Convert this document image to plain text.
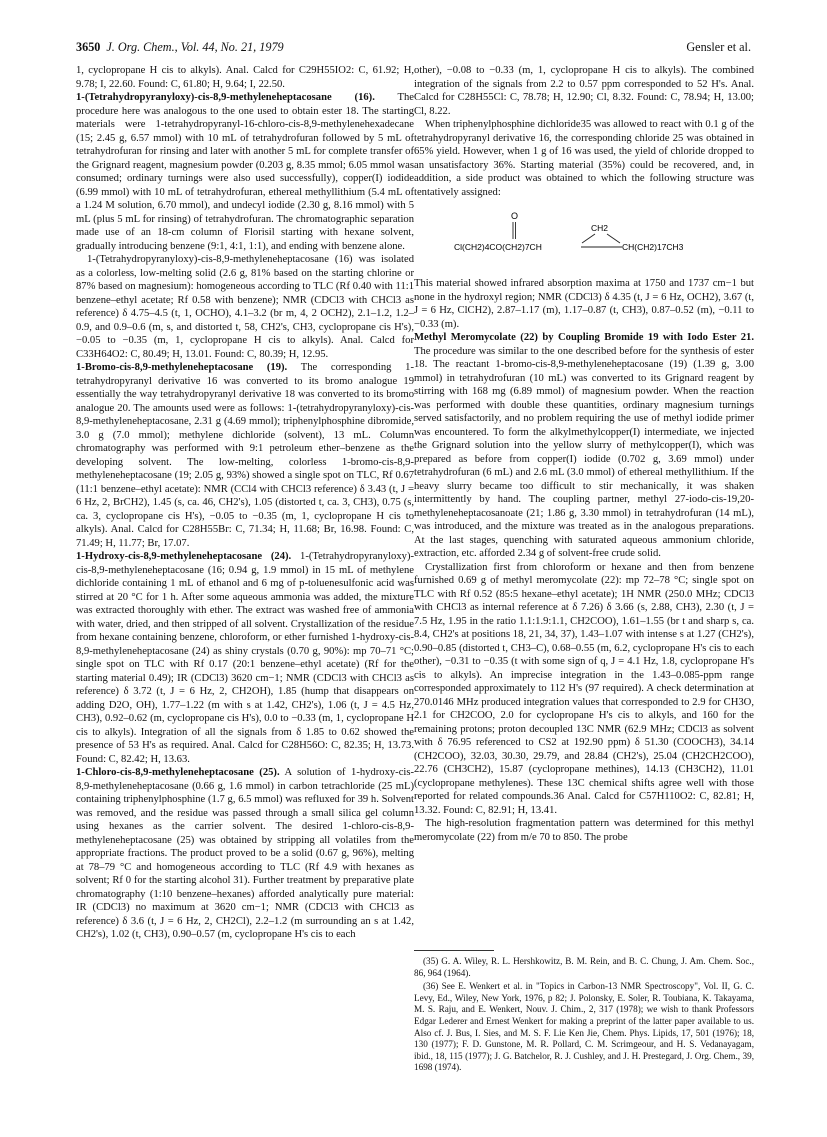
3650 J. Org. Chem., Vol. 44, No. 21, 1979	Gensler et al.

1, cyclopropane H cis to alkyls). Anal. Calcd for C29H55IO2: C, 61.92; H, 9.78; I, 22.60. Found: C, 61.80; H, 9.64; I, 22.50.

1-(Tetrahydropyranyloxy)-cis-8,9-methyleneheptacosane (16). The procedure here was analogous to the one used to obtain ester 18. The starting materials were 1-tetrahydropyranyl-16-chloro-cis-8,9-methylenehexadecane (15; 2.45 g, 6.57 mmol) with 10 mL of tetrahydrofuran followed by 5 mL of tetrahydrofuran for rinsing and later with another 5 mL for complete transfer of the Grignard reagent, magnesium powder (0.203 g, 8.35 mmol; 6.05 mmol was consumed; ordinary turnings were also used successfully), copper(I) iodide (6.99 mmol) with 10 mL of tetrahydrofuran, ethereal methyllithium (5.4 mL of a 1.24 M solution, 6.70 mmol), and undecyl iodide (2.30 g, 8.16 mmol) with 5 mL (plus 5 mL for rinsing) of tetrahydrofuran. The chromatographic separation made use of an 18-cm column of Florisil starting with hexane solvent, gradually introducing benzene (9:1, 4:1, 1:1), and ending with benzene alone.

1-(Tetrahydropyranyloxy)-cis-8,9-methyleneheptacosane (16) was isolated as a colorless, low-melting solid (2.6 g, 81% based on the starting chlorine or 87% based on magnesium): homogeneous according to TLC (Rf 0.40 with 11:1 benzene–ethyl acetate; Rf 0.58 with benzene); NMR (CDCl3 with CHCl3 as reference) δ 4.75–4.5 (t, 1, OCHO), 4.1–3.2 (br m, 4, 2 OCH2), 2.1–1.2, 1.2–0.9, and 0.9–0.6 (m, s, and distorted t, 58, CH2's, CH3, cyclopropane cis H's), −0.05 to −0.35 (m, 1, cyclopropane H cis to alkyls). Anal. Calcd for C33H64O2: C, 80.49; H, 13.01. Found: C, 80.39; H, 12.95.

1-Bromo-cis-8,9-methyleneheptacosane (19). The corresponding 1-tetrahydropyranyl derivative 16 was converted to its bromo analogue 19 essentially the way tetrahydropyranyl derivative 18 was converted to its bromo analogue 20. The amounts used were as follows: 1-(tetrahydropyranyloxy)-cis-8,9-methyleneheptacosane, 2.31 g (4.69 mmol); triphenylphosphine dibromide, 3.0 g (7.0 mmol); methylene dichloride (solvent), 13 mL. Column chromatography was performed with 9:1 petroleum ether–benzene as the developing solvent. The low-melting, colorless 1-bromo-cis-8,9-methyleneheptacosane (19; 2.05 g, 93%) showed a single spot on TLC, Rf 0.67 (11:1 benzene–ethyl acetate): NMR (CCl4 with CHCl3 reference) δ 3.43 (t, J = 6 Hz, 2, BrCH2), 1.45 (s, ca. 46, CH2's), 1.05 (distorted t, ca. 3, CH3), 0.75 (s, ca. 3, cyclopropane cis H's), −0.05 to −0.35 (m, 1, cyclopropane H cis to alkyls). Anal. Calcd for C28H55Br: C, 71.34; H, 11.68; Br, 16.98. Found: C, 71.49; H, 11.77; Br, 17.07.

1-Hydroxy-cis-8,9-methyleneheptacosane (24). 1-(Tetrahydropyranyloxy)-cis-8,9-methyleneheptacosane (16; 0.94 g, 1.9 mmol) in 15 mL of methylene dichloride containing 1 mL of ethanol and 6 mg of p-toluenesulfonic acid was stirred at 20 °C for 1 h. After some aqueous ammonia was added, the mixture was extracted thoroughly with ether. The extract was washed free of ammonia with water, dried, and then stripped of all solvent. Crystallization of the residue from hexane containing benzene, chloroform, or ether furnished 1-hydroxy-cis-8,9-methyleneheptacosane (24) as shiny crystals (0.70 g, 90%): mp 70–71 °C; single spot on TLC with Rf 0.17 (20:1 benzene–ethyl acetate) (Rf for the starting material 0.49); IR (CDCl3) 3620 cm−1; NMR (CDCl3 with CHCl3 as reference) δ 3.72 (t, J = 6 Hz, 2, CH2OH), 1.85 (hump that disappears on adding D2O, OH), 1.77–1.22 (m with s at 1.42, CH2's), 1.06 (t, J = 4.5 Hz, CH3), 0.92–0.62 (m, cyclopropane cis H's), 0.0 to −0.33 (m, 1, cyclopropane H cis to alkyls). Integration of all the signals from δ 1.85 to 0.62 showed the presence of 53 H's as required. Anal. Calcd for C28H56O: C, 82.35; H, 13.73. Found: C, 82.42; H, 13.63.

1-Chloro-cis-8,9-methyleneheptacosane (25). A solution of 1-hydroxy-cis-8,9-methyleneheptacosane (0.66 g, 1.6 mmol) in carbon tetrachloride (25 mL) containing triphenylphosphine (1.7 g, 6.5 mmol) was refluxed for 39 h. Solvent was removed, and the residue was passed through a small silica gel column using hexanes as the carrier solvent. The desired 1-chloro-cis-8,9-methyleneheptacosane (25) was obtained by stripping all volatiles from the appropriate fractions. The product proved to be a solid (0.67 g, 96%), melting at 78–79 °C and homogeneous according to TLC (Rf 4.9 with hexanes as solvent; Rf 0 for the starting alcohol 31). Further treatment by preparative plate chromatography (1:10 benzene–hexanes) afforded analytically pure material: IR (CDCl3) no maximum at 3620 cm−1; NMR (CDCl3 with CHCl3 as reference) δ 3.6 (t, J = 6 Hz, 2, CH2Cl), 2.2–1.2 (m surrounding an s at 1.42, CH2's), 1.02 (t, CH3), 0.90–0.57 (m, cyclopropane H's cis to each

other), −0.08 to −0.33 (m, 1, cyclopropane H cis to alkyls). The combined integration of the signals from 2.2 to 0.57 ppm corresponded to 52 H's. Anal. Calcd for C28H55Cl: C, 78.78; H, 12.90; Cl, 8.32. Found: C, 78.94; H, 13.00; Cl, 8.22.

When triphenylphosphine dichloride35 was allowed to react with 0.1 g of the tetrahydropyranyl derivative 16, the corresponding chloride 25 was obtained in 65% yield. However, when 1 g of 16 was used, the yield of chloride dropped to an unsatisfactory 36%. Starting material (35%) could be recovered, and, in addition, a side product was obtained to which the following structure was tentatively assigned:

O
CH2
Cl(CH2)4CO(CH2)7CH	CH(CH2)17CH3

This material showed infrared absorption maxima at 1750 and 1737 cm−1 but none in the hydroxyl region; NMR (CDCl3) δ 4.35 (t, J = 6 Hz, OCH2), 3.67 (t, J = 6 Hz, ClCH2), 2.87–1.17 (m), 1.17–0.87 (t, CH3), 0.87–0.52 (m), −0.11 to −0.33 (m).

Methyl Meromycolate (22) by Coupling Bromide 19 with Iodo Ester 21. The procedure was similar to the one described before for the synthesis of ester 18. The reactant 1-bromo-cis-8,9-methyleneheptacosane (19) (1.39 g, 3.00 mmol) in tetrahydrofuran (10 mL) was converted to its Grignard reagent by stirring with 168 mg (6.89 mmol) of magnesium powder. When the reaction was performed with double these quantities, ordinary magnesium turnings served satisfactorily, and no problem requiring the use of methyl iodide primer was encountered. To form the alkylmethylcopper(I) intermediate, we injected the Grignard solution into the yellow slurry of methylcopper(I), which was prepared as before from copper(I) iodide (0.702 g, 3.69 mmol) under tetrahydrofuran (6 mL) and 2.6 mL (3.0 mmol) of ethereal methyllithium. If the heavy slurry became too difficult to stir mechanically, it was shaken intermittently by hand. The coupling partner, methyl 27-iodo-cis-19,20-methyleneheptacosanoate (21; 1.86 g, 3.30 mmol) in tetrahydrofuran (14 mL), was introduced, and the mixture was treated as in the analogous preparations. At the last stages, quenching with saturated aqueous ammonium chloride, extraction, etc. afforded 2.34 g of solvent-free crude solid.

Crystallization first from chloroform or hexane and then from benzene furnished 0.69 g of methyl meromycolate (22): mp 72–78 °C; single spot on TLC with Rf 0.52 (85:5 hexane–ethyl acetate); 1H NMR (250.0 MHz; CDCl3 with CHCl3 as internal reference at δ 7.26) δ 3.66 (s, 2.88, CH3), 2.30 (t, J = 7.5 Hz, 1.95 in the ratio 1.1:1.9:1.1, CH2COO), 1.61–1.55 (br t and sharp s, ca. 8.4, CH2's at positions 18, 21, 34, 37), 1.43–1.07 with intense s at 1.27 (CH2's), 0.90–0.85 (distorted t, CH3–C), 0.68–0.55 (m, 6.2, cyclopropane H's cis to each other), −0.31 to −0.35 (t with some sign of q, J = 4.1 Hz, 1.8, cyclopropane H's cis to alkyls). An imprecise integration in the 1.43–0.085-ppm range corresponded approximately to 112 H's (97 required). A check determination at 270.0146 MHz produced integration values that corresponded to 2.9 for CH3O, 2.1 for CH2COO, 2.0 for cyclopropane H's cis to alkyls, and 160 for the remaining protons; proton decoupled 13C NMR (62.9 MHz; CDCl3 as solvent with δ 76.95 referenced to CS2 at 192.90 ppm) δ 51.30 (COOCH3), 34.14 (CH2COO), 32.03, 30.30, 29.79, and 28.84 (CH2's), 25.04 (CH2CH2COO), 22.76 (CH3CH2), 15.87 (cyclopropane methines), 14.13 (CH3CH2), 11.01 (cyclopropane methylenes). These 13C chemical shifts agree well with those reported for related compounds.36 Anal. Calcd for C57H110O2: C, 82.81; H, 13.32. Found: C, 82.91; H, 13.41.

The high-resolution fragmentation pattern was determined for this methyl meromycolate (22) from m/e 70 to 850. The probe

(35) G. A. Wiley, R. L. Hershkowitz, B. M. Rein, and B. C. Chung, J. Am. Chem. Soc., 86, 964 (1964).

(36) See E. Wenkert et al. in "Topics in Carbon-13 NMR Spectroscopy", Vol. II, G. C. Levy, Ed., Wiley, New York, 1976, p 82; J. Polonsky, E. Soler, R. Toubiana, K. Takayama, M. S. Raju, and E. Wenkert, Nouv. J. Chim., 2, 317 (1978); we wish to thank Professors Edgar Lederer and Ernest Wenkert for making a preprint of the latter paper available to us. Also cf. J. Bus, I. Sies, and M. S. F. Lie Ken Jie, Chem. Phys. Lipids, 17, 501 (1976); 18, 130 (1977); F. D. Gunstone, M. R. Pollard, C. M. Scrimgeour, and H. S. Vedanayagam, ibid., 18, 115 (1977); J. G. Batchelor, R. J. Cushley, and J. H. Prestegard, J. Org. Chem., 39, 1698 (1974).
